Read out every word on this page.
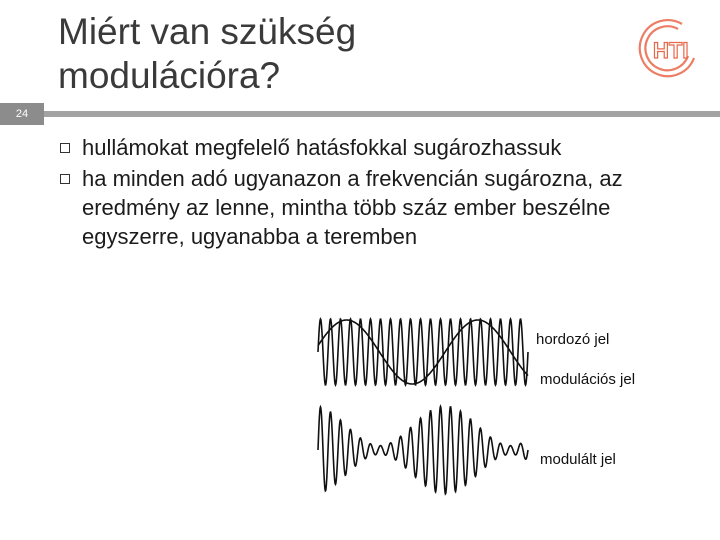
24
Miért van szükség modulációra?
HTI
hullámokat megfelelő hatásfokkal sugározhassuk
ha minden adó ugyanazon a frekvencián sugározna, az eredmény az lenne, mintha több száz ember beszélne egyszerre, ugyanabba a teremben
hordozó jel
modulációs jel
modulált jel
